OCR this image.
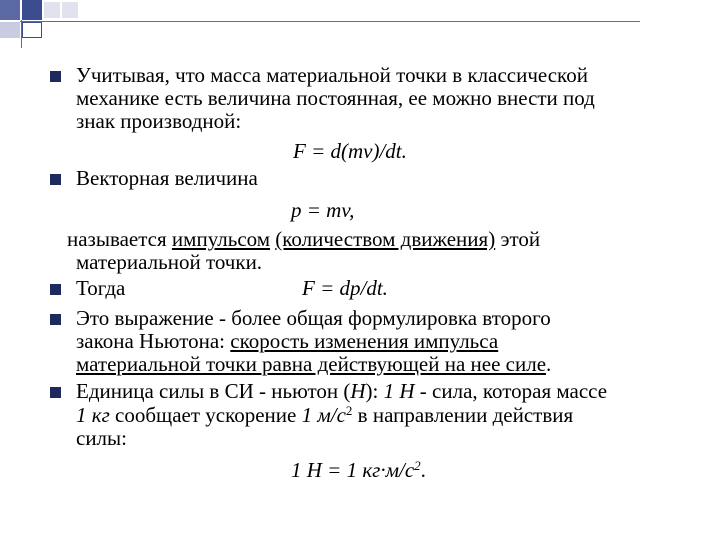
Учитывая, что масса материальной точки в классической
механике есть величина постоянная, ее можно внести под
знак производной:
F = d(mv)/dt.
Векторная величина
p = mv,
называется импульсом (количеством движения) этой
материальной точки.
Тогда	F = dp/dt.
Это выражение - более общая формулировка второго
закона Ньютона: скорость изменения импульса
материальной точки равна действующей на нее силе.
Единица силы в СИ - ньютон (Н): 1 Н - сила, которая массе
1 кг сообщает ускорение 1 $м/с^2$ в направлении действия
силы:
1 Н = 1 $кг\cdot м/с^2$.
